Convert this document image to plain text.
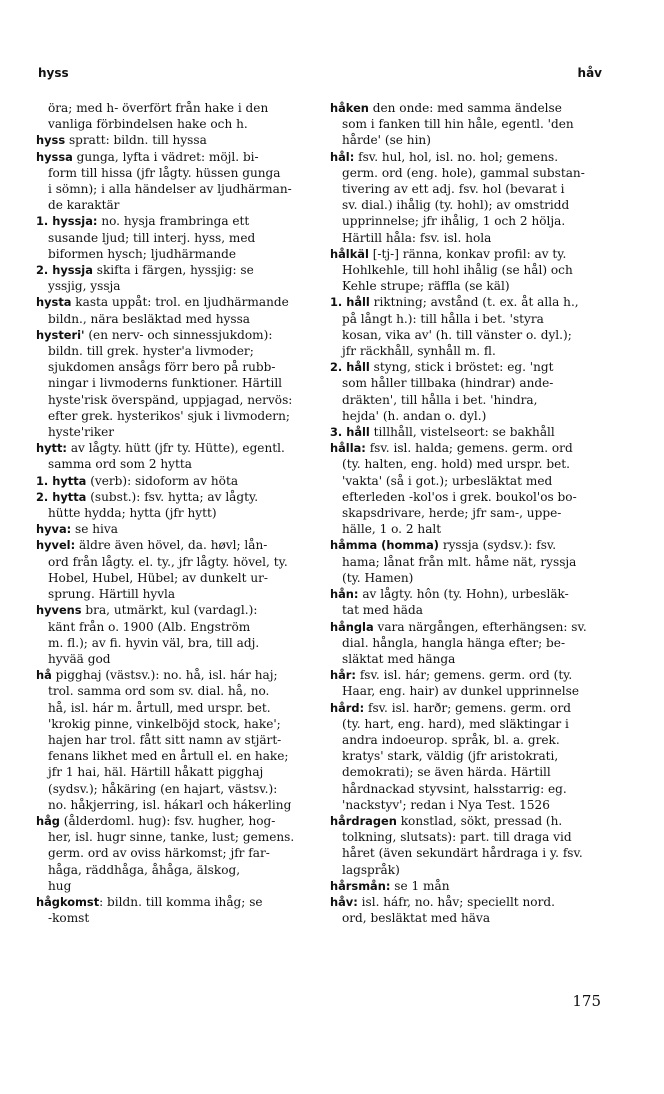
hyss	håv

öra; med h- överfört från hake i den
vanliga förbindelsen hake och h.

hyss spratt: bildn. till hyssa

hyssa gunga, lyfta i vädret: möjl. bi-
form till hissa (jfr lågty. hüssen gunga
i sömn); i alla händelser av ljudhärman-
de karaktär

1. hyssja: no. hysja frambringa ett
susande ljud; till interj. hyss, med
biformen hysch; ljudhärmande

2. hyssja skifta i färgen, hyssjig: se
yssjig, yssja

hysta kasta uppåt: trol. en ljudhärmande
bildn., nära besläktad med hyssa

hysteri' (en nerv- och sinnessjukdom):
bildn. till grek. hyster'a livmoder;
sjukdomen ansågs förr bero på rubb-
ningar i livmoderns funktioner. Härtill
hyste'risk överspänd, uppjagad, nervös:
efter grek. hysterikos' sjuk i livmodern;
hyste'riker

hytt: av lågty. hütt (jfr ty. Hütte), egentl.
samma ord som 2 hytta

1. hytta (verb): sidoform av höta

2. hytta (subst.): fsv. hytta; av lågty.
hütte hydda; hytta (jfr hytt)

hyva: se hiva

hyvel: äldre även hövel, da. høvl; lån-
ord från lågty. el. ty., jfr lågty. hövel, ty.
Hobel, Hubel, Hübel; av dunkelt ur-
sprung. Härtill hyvla

hyvens bra, utmärkt, kul (vardagl.):
känt från o. 1900 (Alb. Engström
m. fl.); av fi. hyvin väl, bra, till adj.
hyvää god

hå pigghaj (västsv.): no. hå, isl. hár haj;
trol. samma ord som sv. dial. hå, no.
hå, isl. hár m. årtull, med urspr. bet.
'krokig pinne, vinkelböjd stock, hake';
hajen har trol. fått sitt namn av stjärt-
fenans likhet med en årtull el. en hake;
jfr 1 hai, häl. Härtill håkatt pigghaj
(sydsv.); håkäring (en hajart, västsv.):
no. håkjerring, isl. hákarl och hákerling

håg (ålderdoml. hug): fsv. hugher, hog-
her, isl. hugr sinne, tanke, lust; gemens.
germ. ord av oviss härkomst; jfr far-
håga, räddhåga, åhåga, älskog,
hug

hågkomst: bildn. till komma ihåg; se
-komst

håken den onde: med samma ändelse
som i fanken till hin håle, egentl. 'den
hårde' (se hin)

hål: fsv. hul, hol, isl. no. hol; gemens.
germ. ord (eng. hole), gammal substan-
tivering av ett adj. fsv. hol (bevarat i
sv. dial.) ihålig (ty. hohl); av omstridd
upprinnelse; jfr ihålig, 1 och 2 hölja.
Härtill håla: fsv. isl. hola

hålkäl [-tj-] ränna, konkav profil: av ty.
Hohlkehle, till hohl ihålig (se hål) och
Kehle strupe; räffla (se käl)

1. håll riktning; avstånd (t. ex. åt alla h.,
på långt h.): till hålla i bet. 'styra
kosan, vika av' (h. till vänster o. dyl.);
jfr räckhåll, synhåll m. fl.

2. håll styng, stick i bröstet: eg. 'ngt
som håller tillbaka (hindrar) ande-
dräkten', till hålla i bet. 'hindra,
hejda' (h. andan o. dyl.)

3. håll tillhåll, vistelseort: se bakhåll

hålla: fsv. isl. halda; gemens. germ. ord
(ty. halten, eng. hold) med urspr. bet.
'vakta' (så i got.); urbesläktat med
efterleden -kol'os i grek. boukol'os bo-
skapsdrivare, herde; jfr sam-, uppe-
hälle, 1 o. 2 halt

håmma (homma) ryssja (sydsv.): fsv.
hama; lånat från mlt. håme nät, ryssja
(ty. Hamen)

hån: av lågty. hôn (ty. Hohn), urbesläk-
tat med häda

hångla vara närgången, efterhängsen: sv.
dial. hångla, hangla hänga efter; be-
släktat med hänga

hår: fsv. isl. hár; gemens. germ. ord (ty.
Haar, eng. hair) av dunkel upprinnelse

hård: fsv. isl. harðr; gemens. germ. ord
(ty. hart, eng. hard), med släktingar i
andra indoeurop. språk, bl. a. grek.
kratys' stark, väldig (jfr aristokrati,
demokrati); se även härda. Härtill
hårdnackad styvsint, halsstarrig: eg.
'nackstyv'; redan i Nya Test. 1526

hårdragen konstlad, sökt, pressad (h.
tolkning, slutsats): part. till draga vid
håret (även sekundärt hårdraga i y. fsv.
lagspråk)

hårsmån: se 1 mån

håv: isl. háfr, no. håv; speciellt nord.
ord, besläktat med häva

175
